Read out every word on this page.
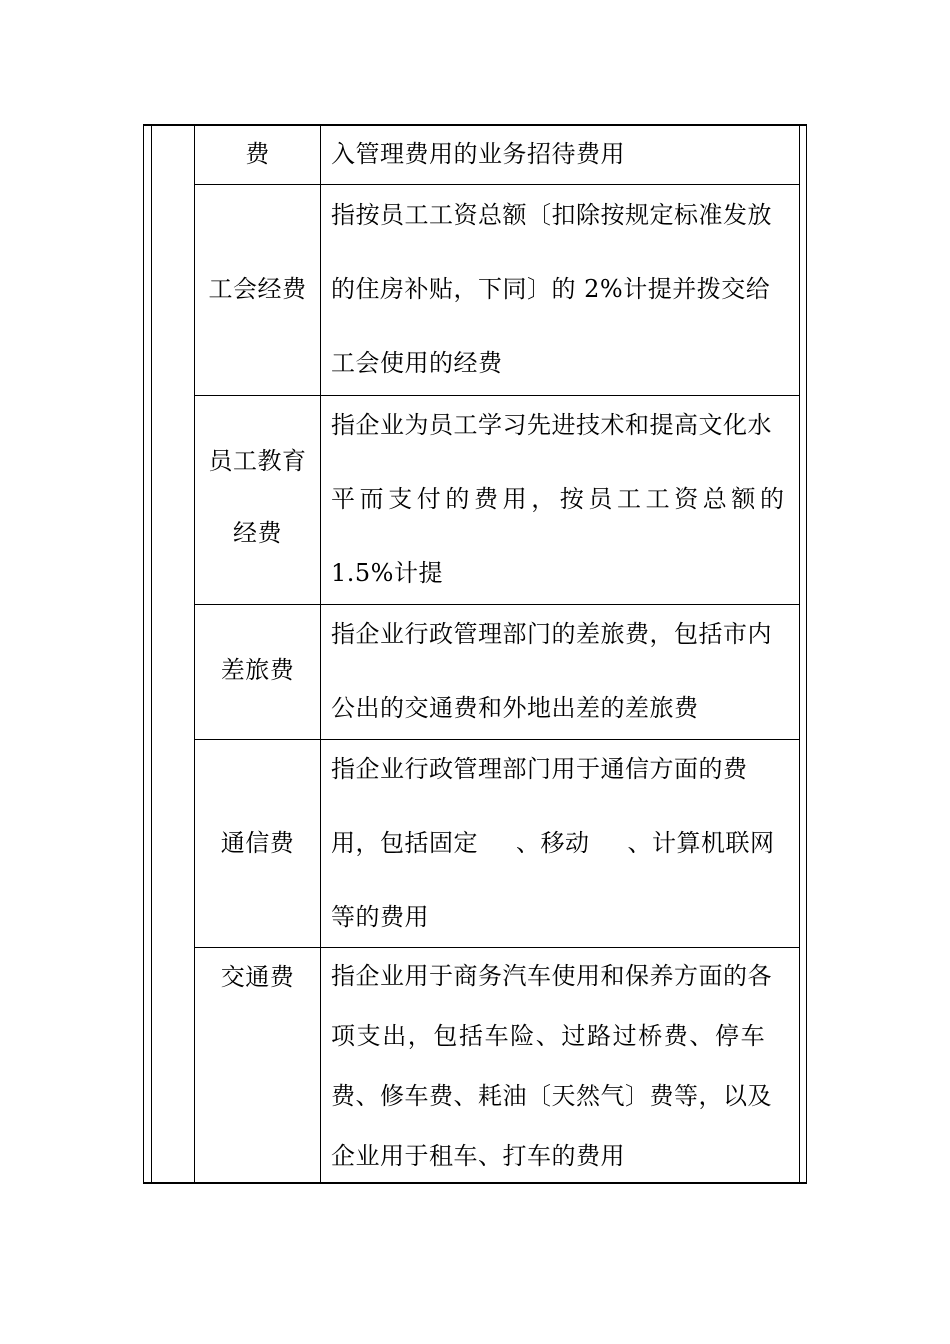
费	入管理费用的业务招待费用
工会经费
指按员工工资总额〔扣除按规定标准发放
的住房补贴，下同〕的 2%计提并拨交给
工会使用的经费
员工教育
经费
指企业为员工学习先进技术和提高文化水
平而支付的费用，按员工工资总额的
1.5%计提
差旅费
指企业行政管理部门的差旅费，包括市内
公出的交通费和外地出差的差旅费
通信费
指企业行政管理部门用于通信方面的费
用，包括固定 、移动 、计算机联网
等的费用
交通费	指企业用于商务汽车使用和保养方面的各
项支出，包括车险、过路过桥费、停车
费、修车费、耗油〔天然气〕费等，以及
企业用于租车、打车的费用
